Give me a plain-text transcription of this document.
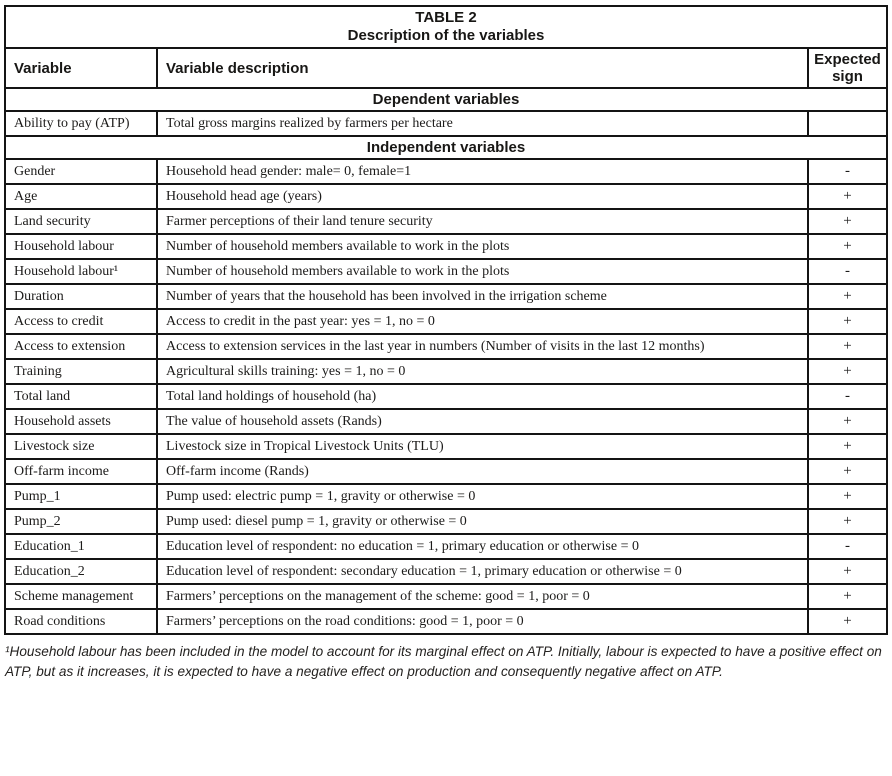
TABLE 2
Description of the variables		

Variable	Variable description	Expected sign
Dependent variables		
Ability to pay (ATP)	Total gross margins realized by farmers per hectare	
Independent variables		
Gender	Household head gender: male= 0, female=1	-
Age	Household head age (years)	+
Land security	Farmer perceptions of their land tenure security	+
Household labour	Number of household members available to work in the plots	+
Household labour¹	Number of household members available to work in the plots	-
Duration	Number of years that the household has been involved in the irrigation scheme	+
Access to credit	Access to credit in the past year: yes = 1, no = 0	+
Access to extension	Access to extension services in the last year in numbers (Number of visits in the last 12 months)	+
Training	Agricultural skills training: yes = 1, no = 0	+
Total land	Total land holdings of household (ha)	-
Household assets	The value of household assets (Rands)	+
Livestock size	Livestock size in Tropical Livestock Units (TLU)	+
Off-farm income	Off-farm income (Rands)	+
Pump_1	Pump used: electric pump = 1, gravity or otherwise = 0	+
Pump_2	Pump used: diesel pump = 1, gravity or otherwise = 0	+
Education_1	Education level of respondent: no education = 1, primary education or otherwise = 0	-
Education_2	Education level of respondent: secondary education = 1, primary education or otherwise = 0	+
Scheme management	Farmers’ perceptions on the management of the scheme: good = 1, poor = 0	+
Road conditions	Farmers’ perceptions on the road conditions: good = 1, poor = 0	+
¹Household labour has been included in the model to account for its marginal effect on ATP. Initially, labour is expected to have a positive effect on ATP, but as it increases, it is expected to have a negative effect on production and consequently negative affect on ATP.
